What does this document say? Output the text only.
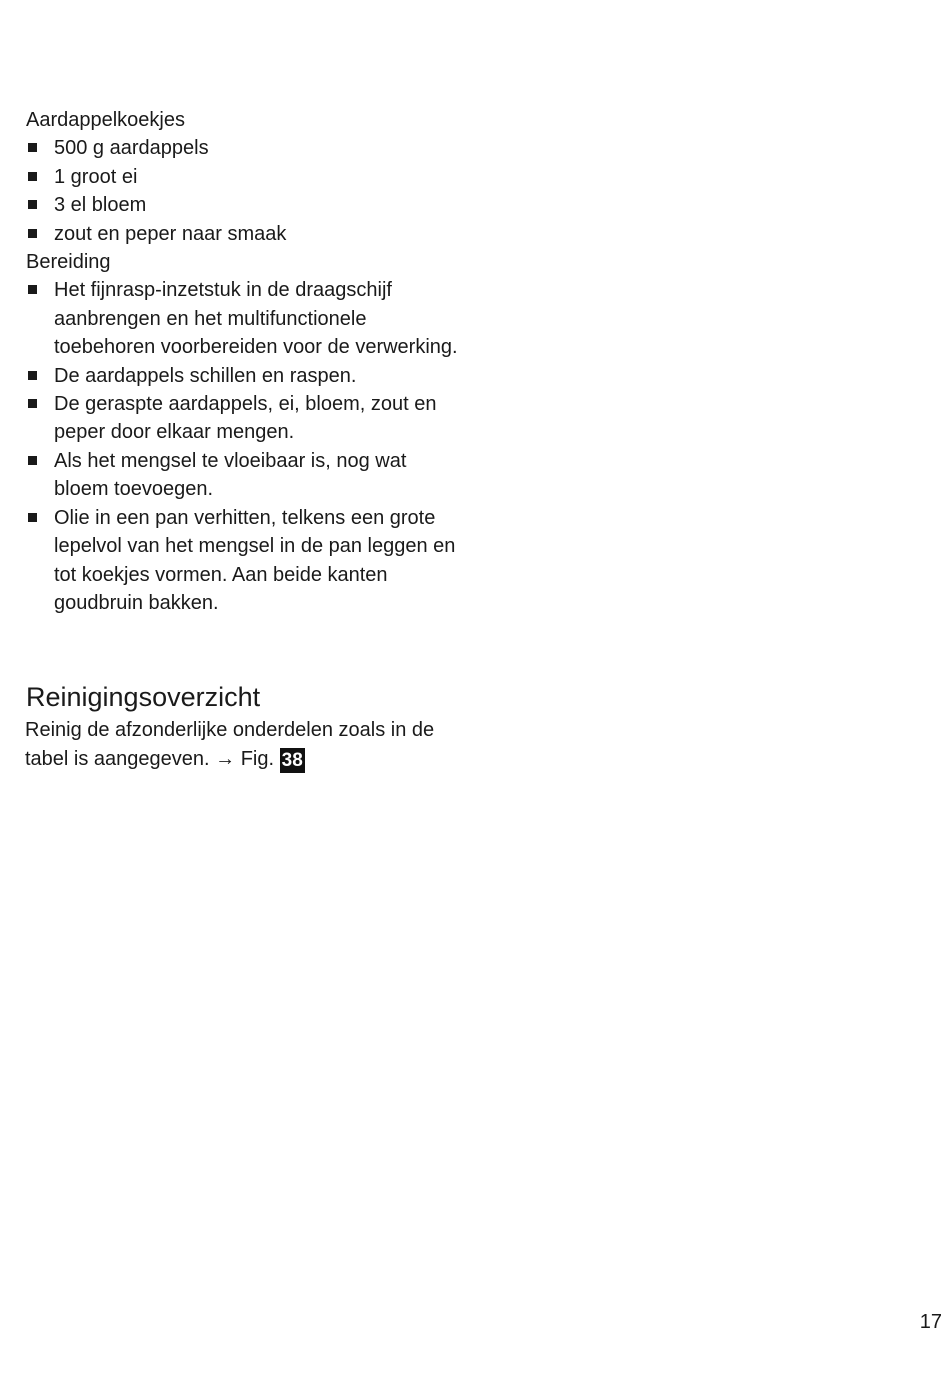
Aardappelkoekjes

500 g aardappels
1 groot ei
3 el bloem
zout en peper naar smaak

Bereiding

Het fijnrasp-inzetstuk in de draagschijf aanbrengen en het multifunctionele toebehoren voorbereiden voor de verwerking.
De aardappels schillen en raspen.
De geraspte aardappels, ei, bloem, zout en peper door elkaar mengen.
Als het mengsel te vloeibaar is, nog wat bloem toevoegen.
Olie in een pan verhitten, telkens een grote lepelvol van het mengsel in de pan leggen en tot koekjes vormen. Aan beide kanten goudbruin bakken.
Reinigingsoverzicht

Reinig de afzonderlijke onderdelen zoals in de tabel is aangegeven. → Fig. 38

17
